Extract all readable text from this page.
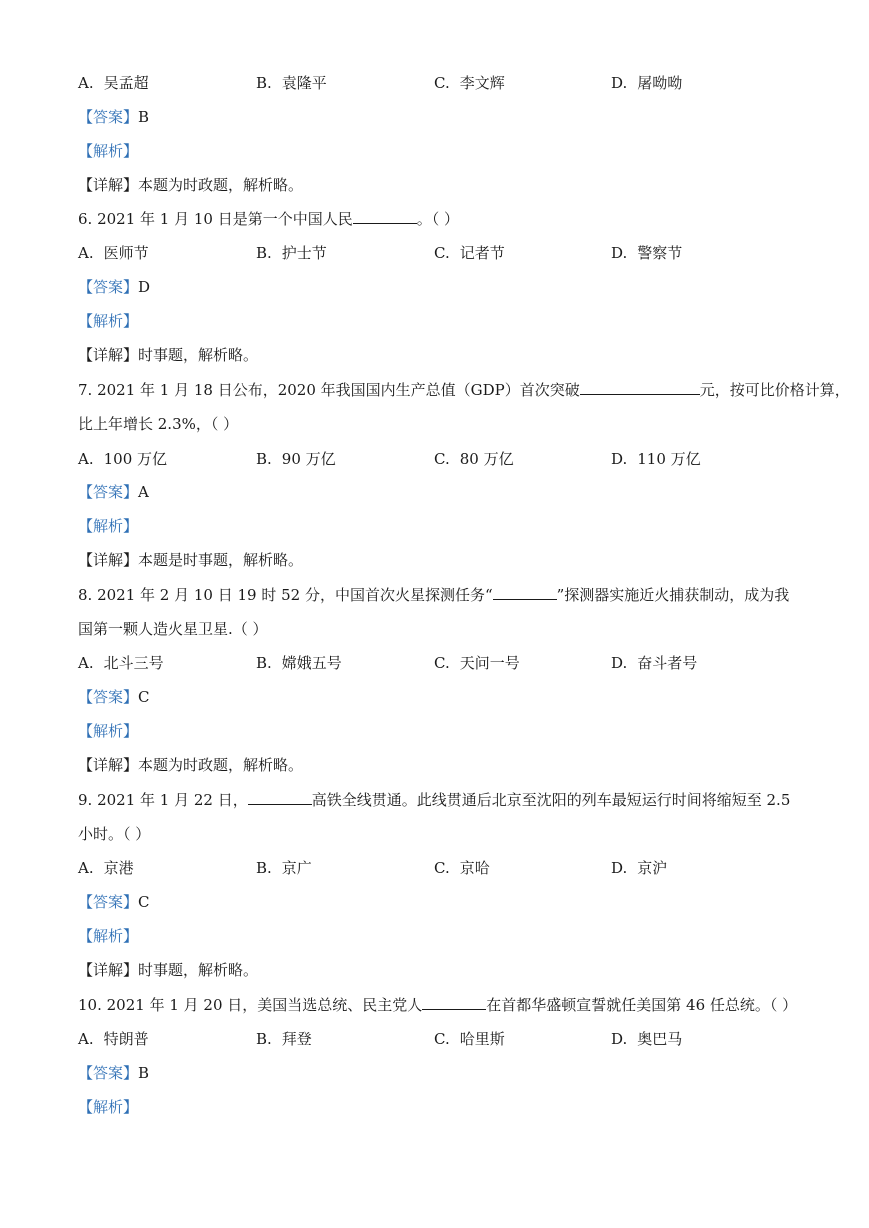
A. 吴孟超	B. 袁隆平	C. 李文辉	D. 屠呦呦
【答案】B
【解析】
【详解】本题为时政题，解析略。
6. 2021 年 1 月 10 日是第一个中国人民	。（ ）
A. 医师节	B. 护士节	C. 记者节	D. 警察节
【答案】D
【解析】
【详解】时事题，解析略。
7. 2021 年 1 月 18 日公布，2020 年我国国内生产总值（GDP）首次突破	元，按可比价格计算，
比上年增长 2.3%，（ ）
A. 100 万亿	B. 90 万亿	C. 80 万亿	D. 110 万亿
【答案】A
【解析】
【详解】本题是时事题，解析略。
8. 2021 年 2 月 10 日 19 时 52 分，中国首次火星探测任务“	”探测器实施近火捕获制动，成为我
国第一颗人造火星卫星.（ ）
A. 北斗三号	B. 嫦娥五号	C. 天问一号	D. 奋斗者号
【答案】C
【解析】
【详解】本题为时政题，解析略。
9. 2021 年 1 月 22 日，	高铁全线贯通。此线贯通后北京至沈阳的列车最短运行时间将缩短至 2.5
小时。（ ）
A. 京港	B. 京广	C. 京哈	D. 京沪
【答案】C
【解析】
【详解】时事题，解析略。
10. 2021 年 1 月 20 日，美国当选总统、民主党人	在首都华盛顿宣誓就任美国第 46 任总统。（ ）
A. 特朗普	B. 拜登	C. 哈里斯	D. 奥巴马
【答案】B
【解析】
